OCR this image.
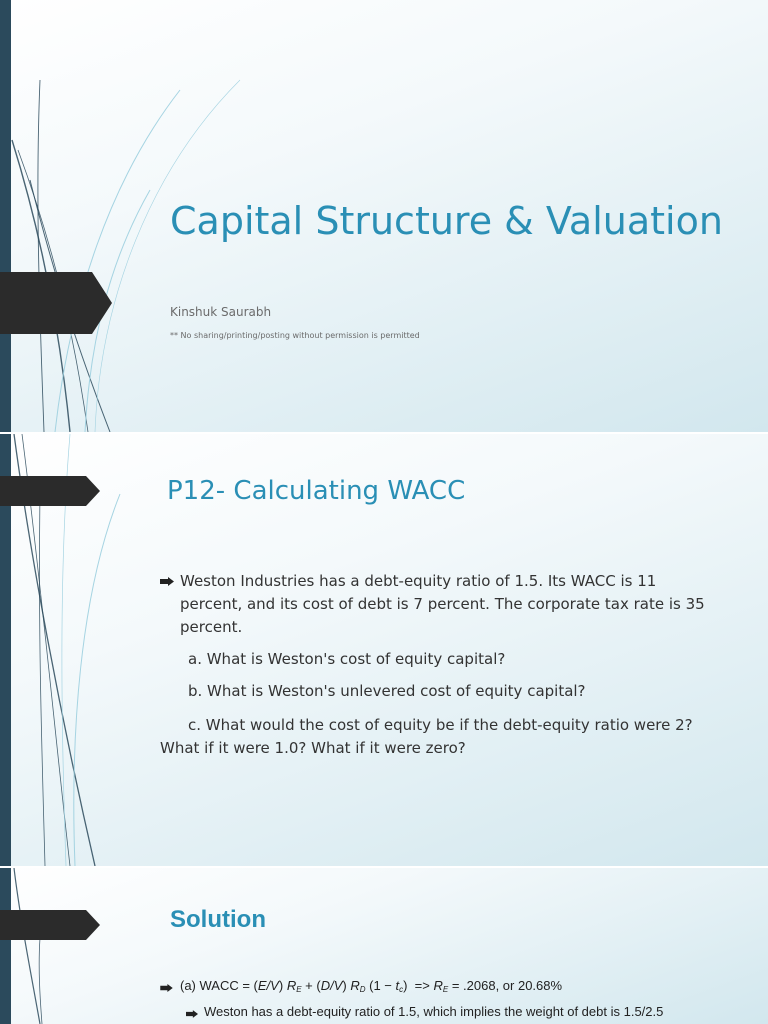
Capital Structure & Valuation
Kinshuk Saurabh
** No sharing/printing/posting without permission is permitted
P12- Calculating WACC
Weston Industries has a debt-equity ratio of 1.5. Its WACC is 11 percent, and its cost of debt is 7 percent. The corporate tax rate is 35 percent.
a. What is Weston's cost of equity capital?
b. What is Weston's unlevered cost of equity capital?
c. What would the cost of equity be if the debt-equity ratio were 2?    What if it were 1.0? What if it were zero?
Solution
(a) WACC = (E/V) $R_E + (D/V)$ $R_D$ $(1 - t_c) => R_E = .2068$, or 20.68%
Weston has a debt-equity ratio of 1.5, which implies the weight of debt is 1.5/2.5
